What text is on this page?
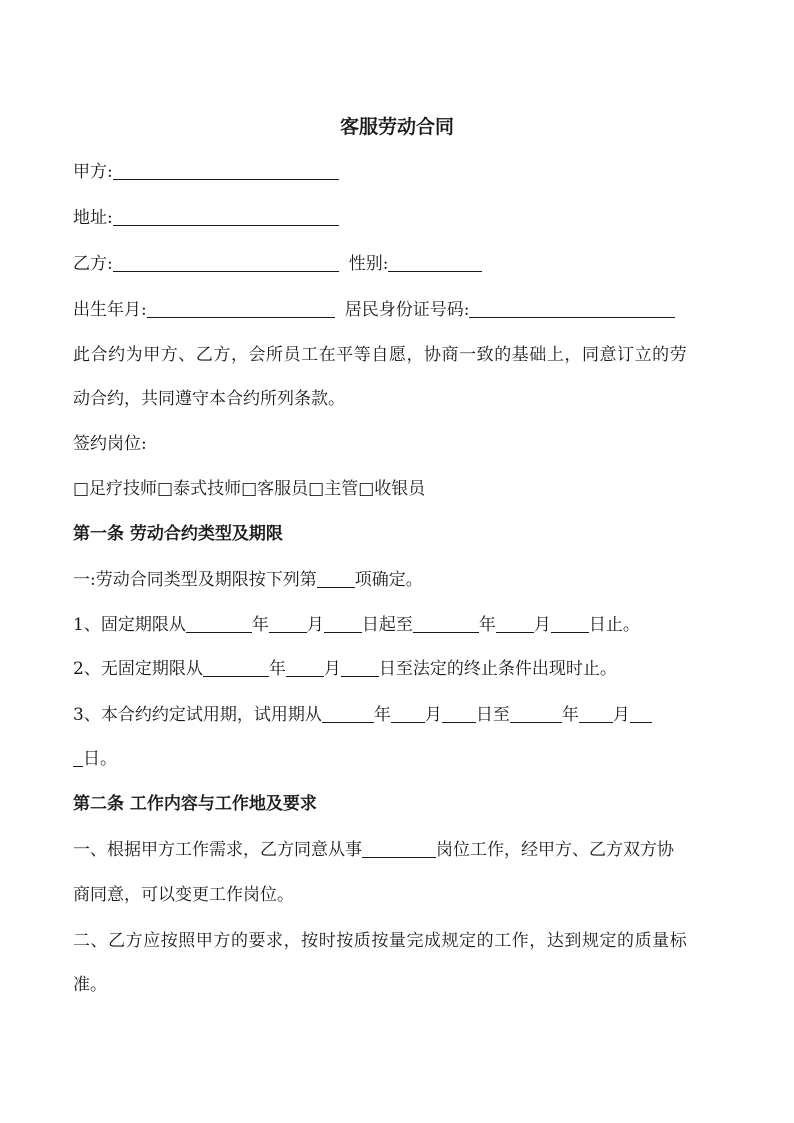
客服劳动合同
甲方:
地址:
乙方:	性别:
出生年月:	居民身份证号码:
此合约为甲方、乙方，会所员工在平等自愿，协商一致的基础上，同意订立的劳
动合约，共同遵守本合约所列条款。
签约岗位:
□足疗技师□泰式技师□客服员□主管□收银员
第一条 劳动合约类型及期限
一:劳动合同类型及期限按下列第 项确定。
1、固定期限从	年 月 日起至	年 月 日止。
2、无固定期限从	年 月 日至法定的终止条件出现时止。
3、本合约约定试用期，试用期从	年 月 日至	年 月
日。
第二条 工作内容与工作地及要求
一、根据甲方工作需求，乙方同意从事	岗位工作，经甲方、乙方双方协
商同意，可以变更工作岗位。
二、乙方应按照甲方的要求，按时按质按量完成规定的工作，达到规定的质量标
准。
